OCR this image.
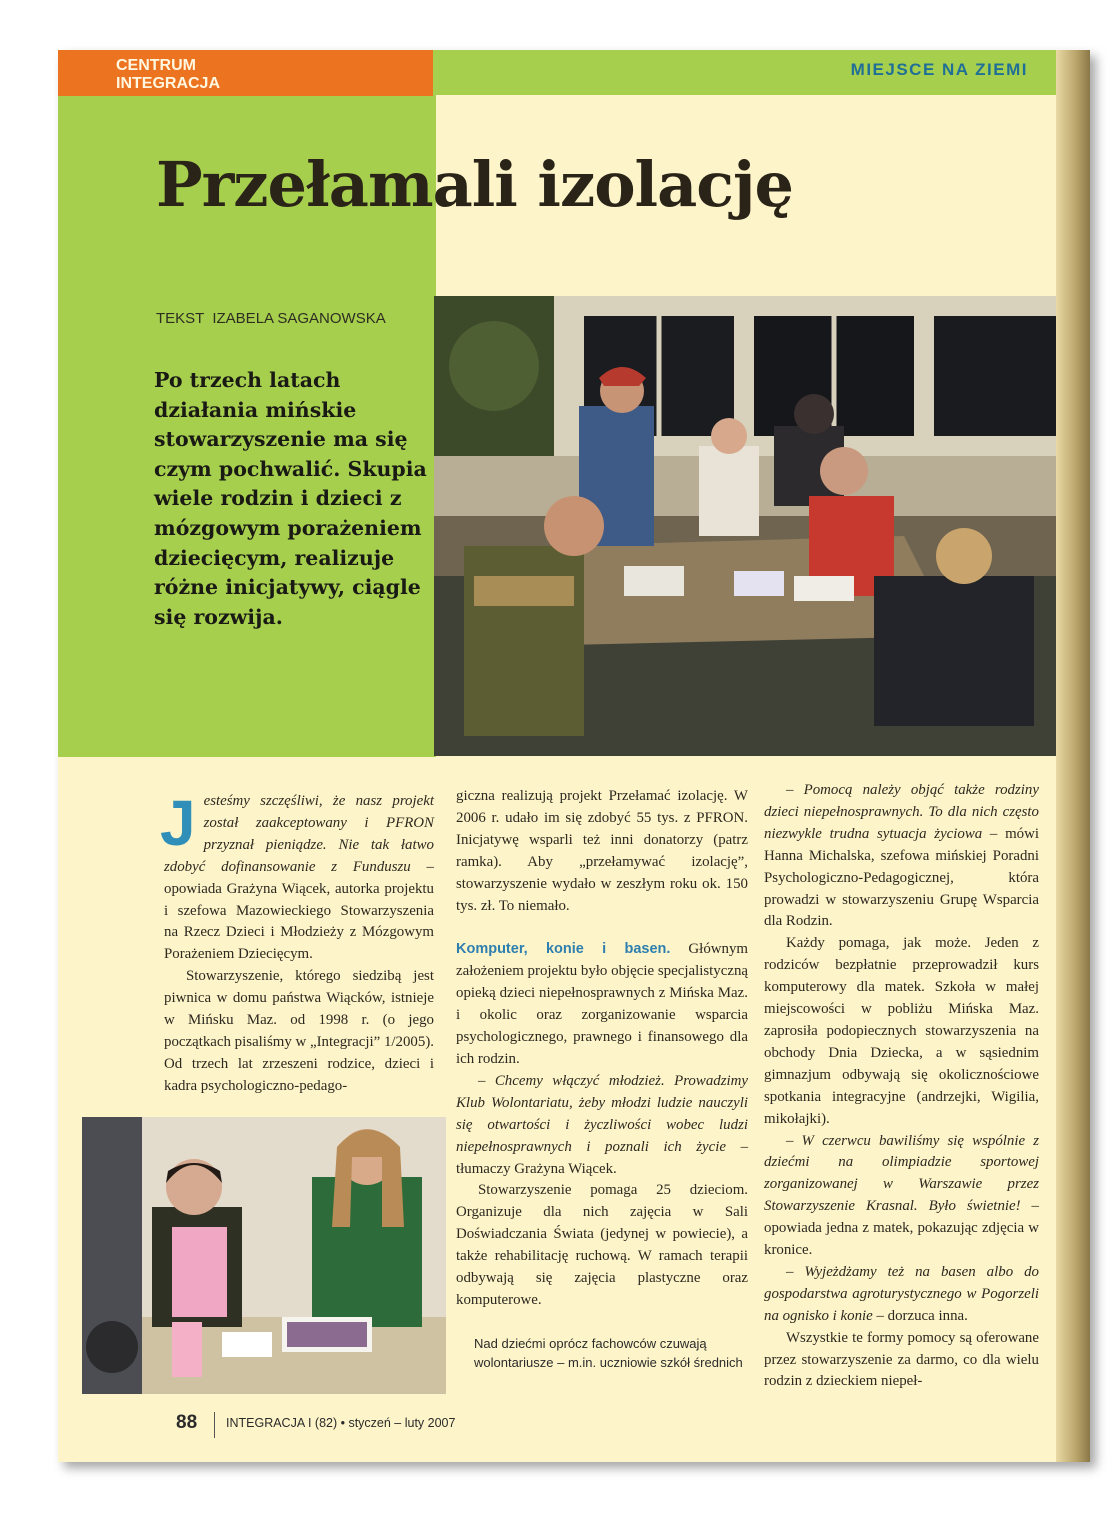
CENTRUM
INTEGRACJA
MIEJSCE NA ZIEMI
Przełamali izolację
TEKST IZABELA SAGANOWSKA

Po trzech latach działania mińskie stowarzyszenie ma się czym pochwalić. Skupia wiele rodzin i dzieci z mózgowym porażeniem dziecięcym, realizuje różne inicjatywy, ciągle się rozwija.

J esteśmy szczęśliwi, że nasz projekt został zaakceptowany i PFRON przyznał pieniądze. Nie tak łatwo zdobyć dofinansowanie z Funduszu – opowiada Grażyna Wiącek, autorka projektu i szefowa Mazowieckiego Stowarzyszenia na Rzecz Dzieci i Młodzieży z Mózgowym Porażeniem Dziecięcym.

Stowarzyszenie, którego siedzibą jest piwnica w domu państwa Wiącków, istnieje w Mińsku Maz. od 1998 r. (o jego początkach pisaliśmy w „Integracji” 1/2005). Od trzech lat zrzeszeni rodzice, dzieci i kadra psychologiczno-pedago-

giczna realizują projekt Przełamać izolację. W 2006 r. udało im się zdobyć 55 tys. z PFRON. Inicjatywę wsparli też inni donatorzy (patrz ramka). Aby „przełamywać izolację”, stowarzyszenie wydało w zeszłym roku ok. 150 tys. zł. To niemało.

Komputer, konie i basen. Głównym założeniem projektu było objęcie specjalistyczną opieką dzieci niepełnosprawnych z Mińska Maz. i okolic oraz zorganizowanie wsparcia psychologicznego, prawnego i finansowego dla ich rodzin.

– Chcemy włączyć młodzież. Prowadzimy Klub Wolontariatu, żeby młodzi ludzie nauczyli się otwartości i życzliwości wobec ludzi niepełnosprawnych i poznali ich życie – tłumaczy Grażyna Wiącek.

Stowarzyszenie pomaga 25 dzieciom. Organizuje dla nich zajęcia w Sali Doświadczania Świata (jedynej w powiecie), a także rehabilitację ruchową. W ramach terapii odbywają się zajęcia plastyczne oraz komputerowe.

Nad dziećmi oprócz fachowców czuwają wolontariusze – m.in. uczniowie szkół średnich

– Pomocą należy objąć także rodziny dzieci niepełnosprawnych. To dla nich często niezwykle trudna sytuacja życiowa – mówi Hanna Michalska, szefowa mińskiej Poradni Psychologiczno-Pedagogicznej, która prowadzi w stowarzyszeniu Grupę Wsparcia dla Rodzin.

Każdy pomaga, jak może. Jeden z rodziców bezpłatnie przeprowadził kurs komputerowy dla matek. Szkoła w małej miejscowości w pobliżu Mińska Maz. zaprosiła podopiecznych stowarzyszenia na obchody Dnia Dziecka, a w sąsiednim gimnazjum odbywają się okolicznościowe spotkania integracyjne (andrzejki, Wigilia, mikołajki).

– W czerwcu bawiliśmy się wspólnie z dziećmi na olimpiadzie sportowej zorganizowanej w Warszawie przez Stowarzyszenie Krasnal. Było świetnie! – opowiada jedna z matek, pokazując zdjęcia w kronice.

– Wyjeżdżamy też na basen albo do gospodarstwa agroturystycznego w Pogorzeli na ognisko i konie – dorzuca inna.

Wszystkie te formy pomocy są oferowane przez stowarzyszenie za darmo, co dla wielu rodzin z dzieckiem niepeł-

88 INTEGRACJA I (82) • styczeń – luty 2007
